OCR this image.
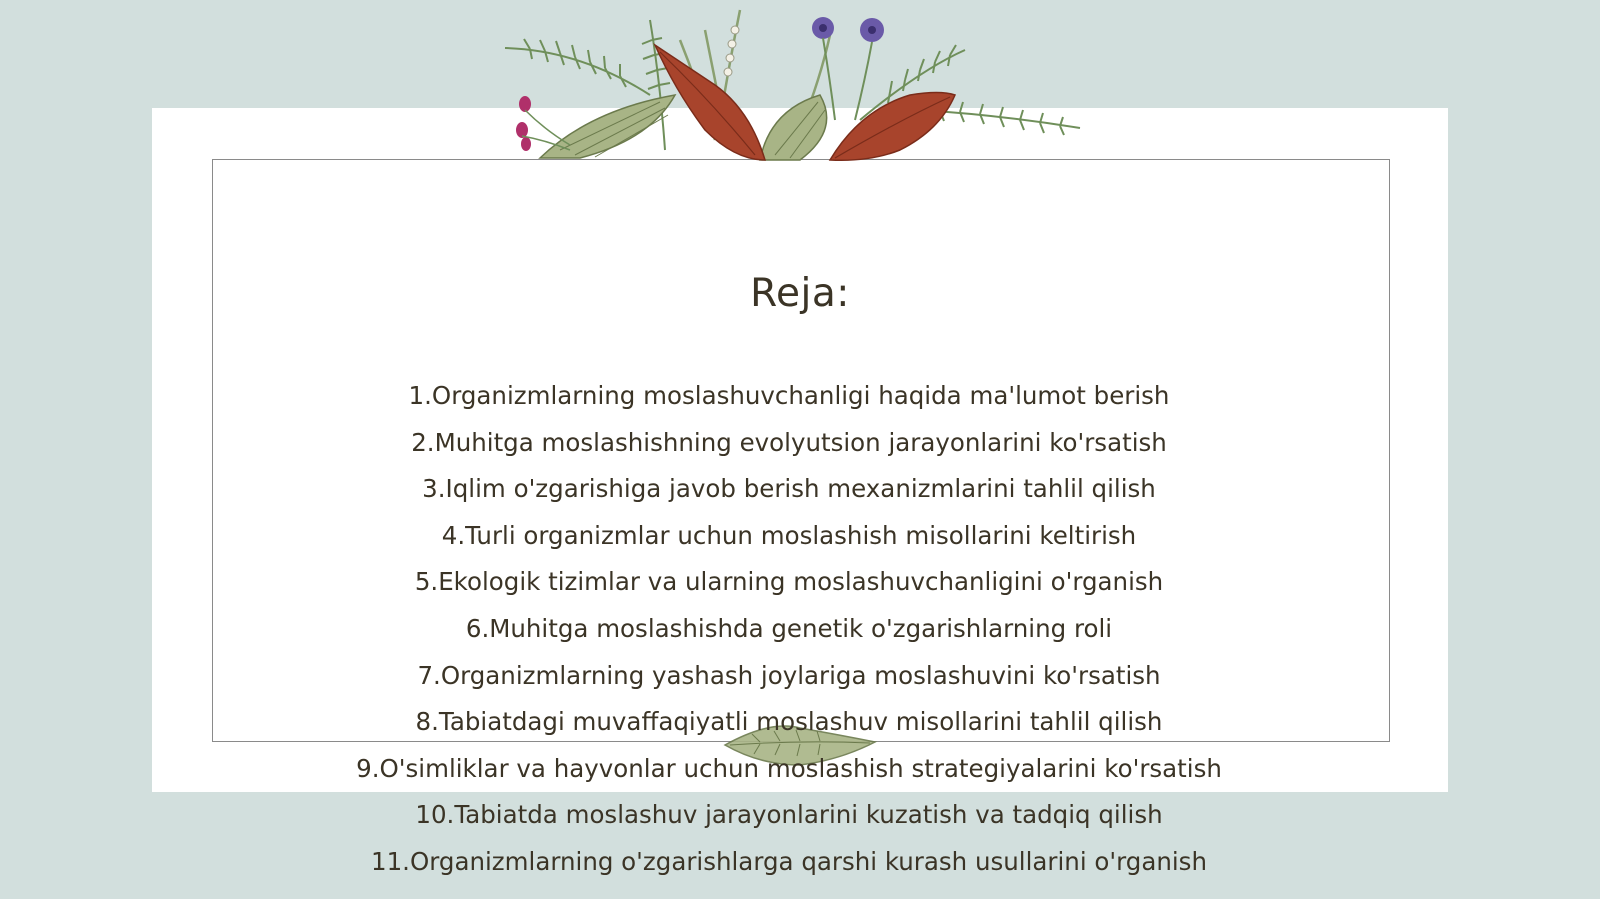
Reja:
1.Organizmlarning moslashuvchanligi haqida ma'lumot berish
2.Muhitga moslashishning evolyutsion jarayonlarini ko'rsatish
3.Iqlim o'zgarishiga javob berish mexanizmlarini tahlil qilish
4.Turli organizmlar uchun moslashish misollarini keltirish
5.Ekologik tizimlar va ularning moslashuvchanligini o'rganish
6.Muhitga moslashishda genetik o'zgarishlarning roli
7.Organizmlarning yashash joylariga moslashuvini ko'rsatish
8.Tabiatdagi muvaffaqiyatli moslashuv misollarini tahlil qilish
9.O'simliklar va hayvonlar uchun moslashish strategiyalarini ko'rsatish
10.Tabiatda moslashuv jarayonlarini kuzatish va tadqiq qilish
11.Organizmlarning o'zgarishlarga qarshi kurash usullarini o'rganish
